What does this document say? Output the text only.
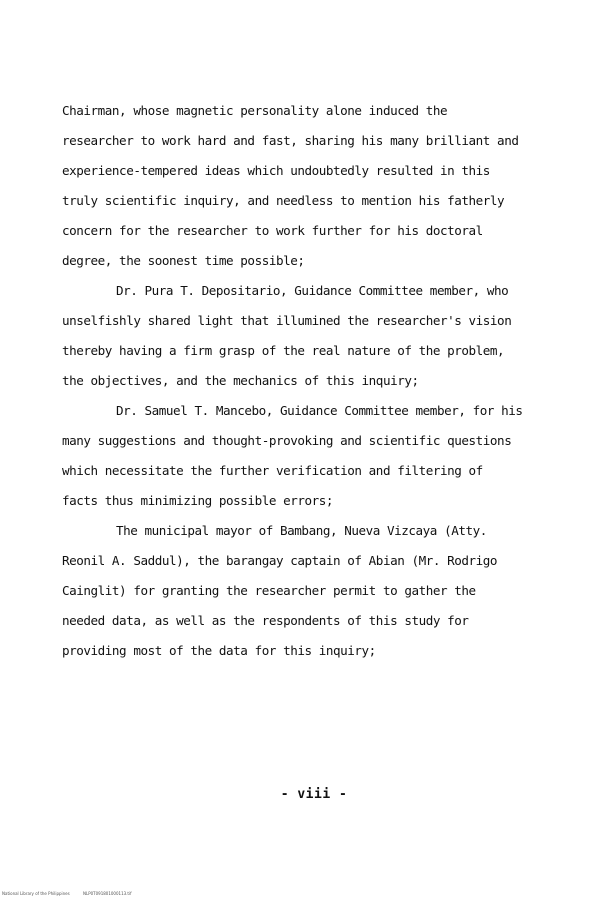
Chairman, whose magnetic personality alone induced the
researcher to work hard and fast, sharing his many brilliant and
experience-tempered ideas which undoubtedly resulted in this
truly scientific inquiry, and needless to mention his fatherly
concern for the researcher to work further for his doctoral
degree, the soonest time possible;
Dr. Pura T. Depositario, Guidance Committee member, who
unselfishly shared light that illumined the researcher's vision
thereby having a firm grasp of the real nature of the problem,
the objectives, and the mechanics of this inquiry;
Dr. Samuel T. Mancebo, Guidance Committee member, for his
many suggestions and thought-provoking and scientific questions
which necessitate the further verification and filtering of
facts thus minimizing possible errors;
The municipal mayor of Bambang, Nueva Vizcaya (Atty.
Reonil A. Saddul), the barangay captain of Abian (Mr. Rodrigo
Cainglit) for granting the researcher permit to gather the
needed data, as well as the respondents of this study for
providing most of the data for this inquiry;
- viii -
National Library of the Philippines	NLP0T091801000113.tif
